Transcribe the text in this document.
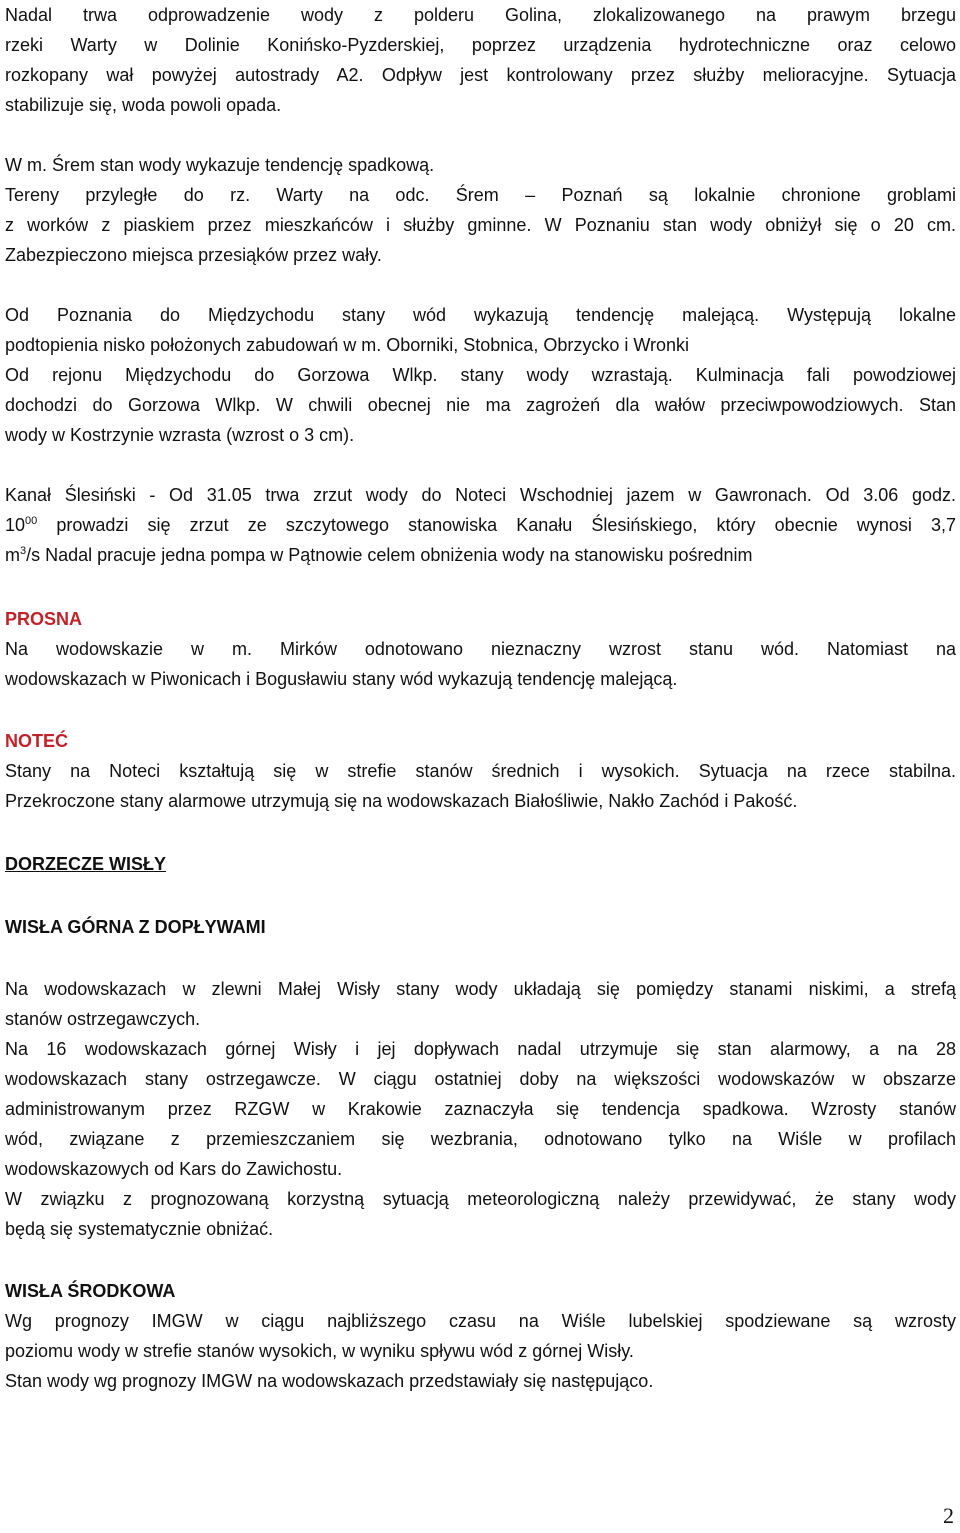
Nadal trwa odprowadzenie wody z polderu Golina, zlokalizowanego na prawym brzegu

rzeki Warty w Dolinie Konińsko-Pyzderskiej, poprzez urządzenia hydrotechniczne oraz celowo

rozkopany wał powyżej autostrady A2. Odpływ jest kontrolowany przez służby melioracyjne. Sytuacja

stabilizuje się, woda powoli opada.

W m. Śrem stan wody wykazuje tendencję spadkową.

Tereny przyległe do rz. Warty na odc. Śrem – Poznań są lokalnie chronione groblami

z worków z piaskiem przez mieszkańców i służby gminne. W Poznaniu stan wody obniżył się o 20 cm.

Zabezpieczono miejsca przesiąków przez wały.

Od Poznania do Międzychodu stany wód wykazują tendencję malejącą. Występują lokalne

podtopienia nisko położonych zabudowań w m. Oborniki, Stobnica, Obrzycko i Wronki

Od rejonu Międzychodu do Gorzowa Wlkp. stany wody wzrastają. Kulminacja fali powodziowej

dochodzi do Gorzowa Wlkp. W chwili obecnej nie ma zagrożeń dla wałów przeciwpowodziowych. Stan

wody w Kostrzynie wzrasta (wzrost o 3 cm).

Kanał Ślesiński - Od 31.05 trwa zrzut wody do Noteci Wschodniej jazem w Gawronach. Od 3.06 godz.

$10^{00}$ prowadzi się zrzut ze szczytowego stanowiska Kanału Ślesińskiego, który obecnie wynosi 3,7

$m^3/s$ Nadal pracuje jedna pompa w Pątnowie celem obniżenia wody na stanowisku pośrednim

PROSNA

Na wodowskazie w m. Mirków odnotowano nieznaczny wzrost stanu wód. Natomiast na

wodowskazach w Piwonicach i Bogusławiu stany wód wykazują tendencję malejącą.

NOTEĆ

Stany na Noteci kształtują się w strefie stanów średnich i wysokich. Sytuacja na rzece stabilna.

Przekroczone stany alarmowe utrzymują się na wodowskazach Białośliwie, Nakło Zachód i Pakość.

DORZECZE WISŁY

WISŁA GÓRNA Z DOPŁYWAMI

Na wodowskazach w zlewni Małej Wisły stany wody układają się pomiędzy stanami niskimi, a strefą

stanów ostrzegawczych.

Na 16 wodowskazach górnej Wisły i jej dopływach nadal utrzymuje się stan alarmowy, a na 28

wodowskazach stany ostrzegawcze. W ciągu ostatniej doby na większości wodowskazów w obszarze

administrowanym przez RZGW w Krakowie zaznaczyła się tendencja spadkowa. Wzrosty stanów

wód, związane z przemieszczaniem się wezbrania, odnotowano tylko na Wiśle w profilach

wodowskazowych od Kars do Zawichostu.

W związku z prognozowaną korzystną sytuacją meteorologiczną należy przewidywać, że stany wody

będą się systematycznie obniżać.

WISŁA ŚRODKOWA

Wg prognozy IMGW w ciągu najbliższego czasu na Wiśle lubelskiej spodziewane są wzrosty

poziomu wody w strefie stanów wysokich, w wyniku spływu wód z górnej Wisły.

Stan wody wg prognozy IMGW na wodowskazach przedstawiały się następująco.

2
